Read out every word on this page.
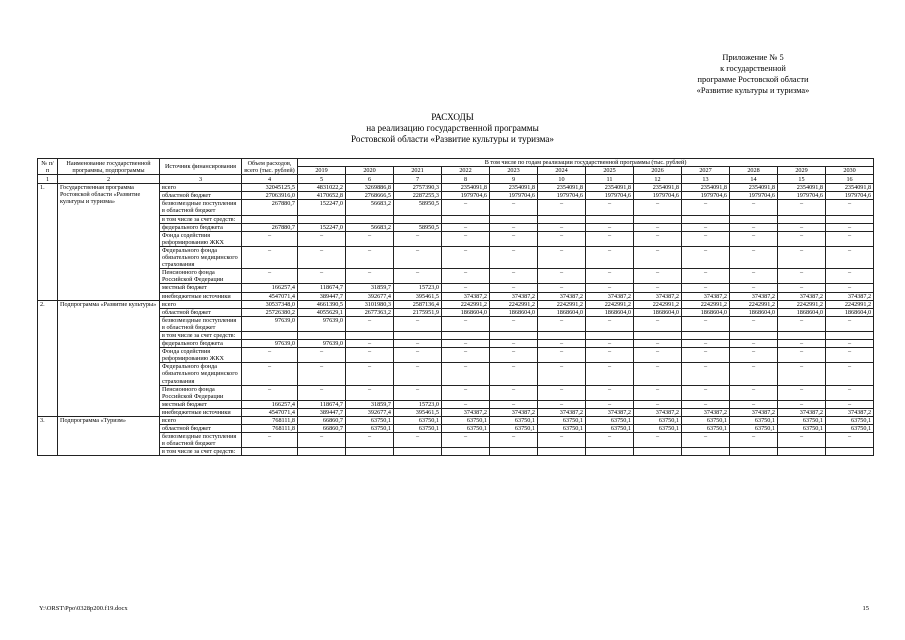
Приложение № 5
к государственной
программе Ростовской области
«Развитие культуры и туризма»
РАСХОДЫ
на реализацию государственной программы
Ростовской области «Развитие культуры и туризма»
№ п/п	Наименование государственной программы, подпрограммы	Источник финансирования	Объем расходов, всего (тыс. рублей)	В том числе по годам реализации государственной программы (тыс. рублей)											
				2019	2020	2021	2022	2023	2024	2025	2026	2027	2028	2029	2030
1	2	3	4	5	6	7	8	9	10	11	12	13	14	15	16
1.	Государственная программа Ростовской области «Развитие культуры и туризма»	всего	32045125,5	4831022,2	3269886,8	2757390,3	2354091,8	2354091,8	2354091,8	2354091,8	2354091,8	2354091,8	2354091,8	2354091,8	2354091,8
		областной бюджет	27063916,0	4170652,8	2768666,5	2287255,3	1979704,6	1979704,6	1979704,6	1979704,6	1979704,6	1979704,6	1979704,6	1979704,6	1979704,6
		безвозмездные поступления в областной бюджет	267880,7	152247,0	56683,2	58950,5	–	–	–	–	–	–	–	–	–
		в том числе за счет средств:													
		федерального бюджета	267880,7	152247,0	56683,2	58950,5	–	–	–	–	–	–	–	–	–
		Фонда содействия реформированию ЖКХ	–	–	–	–	–	–	–	–	–	–	–	–	–
		Федерального фонда обязательного медицинского страхования	–	–	–	–	–	–	–	–	–	–	–	–	–
		Пенсионного фонда Российской Федерации	–	–	–	–	–	–	–	–	–	–	–	–	–
		местный бюджет	166257,4	118674,7	31859,7	15723,0	–	–	–	–	–	–	–	–	–
		внебюджетные источники	4547071,4	389447,7	392677,4	395461,5	374387,2	374387,2	374387,2	374387,2	374387,2	374387,2	374387,2	374387,2	374387,2
2.	Подпрограмма «Развитие культуры»	всего	30537348,0	4661390,5	3101980,3	2587136,4	2242991,2	2242991,2	2242991,2	2242991,2	2242991,2	2242991,2	2242991,2	2242991,2	2242991,2
		областной бюджет	25726380,2	4055629,1	2677363,2	2175951,9	1868604,0	1868604,0	1868604,0	1868604,0	1868604,0	1868604,0	1868604,0	1868604,0	1868604,0
		безвозмездные поступления в областной бюджет	97639,0	97639,0	–	–	–	–	–	–	–	–	–	–	–
		в том числе за счет средств:													
		федерального бюджета	97639,0	97639,0	–	–	–	–	–	–	–	–	–	–	–
		Фонда содействия реформированию ЖКХ	–	–	–	–	–	–	–	–	–	–	–	–	–
		Федерального фонда обязательного медицинского страхования	–	–	–	–	–	–	–	–	–	–	–	–	–
		Пенсионного фонда Российской Федерации	–	–	–	–	–	–	–	–	–	–	–	–	–
		местный бюджет	166257,4	118674,7	31859,7	15723,0	–	–	–	–	–	–	–	–	–
		внебюджетные источники	4547071,4	389447,7	392677,4	395461,5	374387,2	374387,2	374387,2	374387,2	374387,2	374387,2	374387,2	374387,2	374387,2
3.	Подпрограмма «Туризм»	всего	768111,8	66860,7	63750,1	63750,1	63750,1	63750,1	63750,1	63750,1	63750,1	63750,1	63750,1	63750,1	63750,1
		областной бюджет	768111,8	66860,7	63750,1	63750,1	63750,1	63750,1	63750,1	63750,1	63750,1	63750,1	63750,1	63750,1	63750,1
		безвозмездные поступления в областной бюджет	–	–	–	–	–	–	–	–	–	–	–	–	–
		в том числе за счет средств:													
Y:\ORST\Ppo\0328p200.f19.docx	15
